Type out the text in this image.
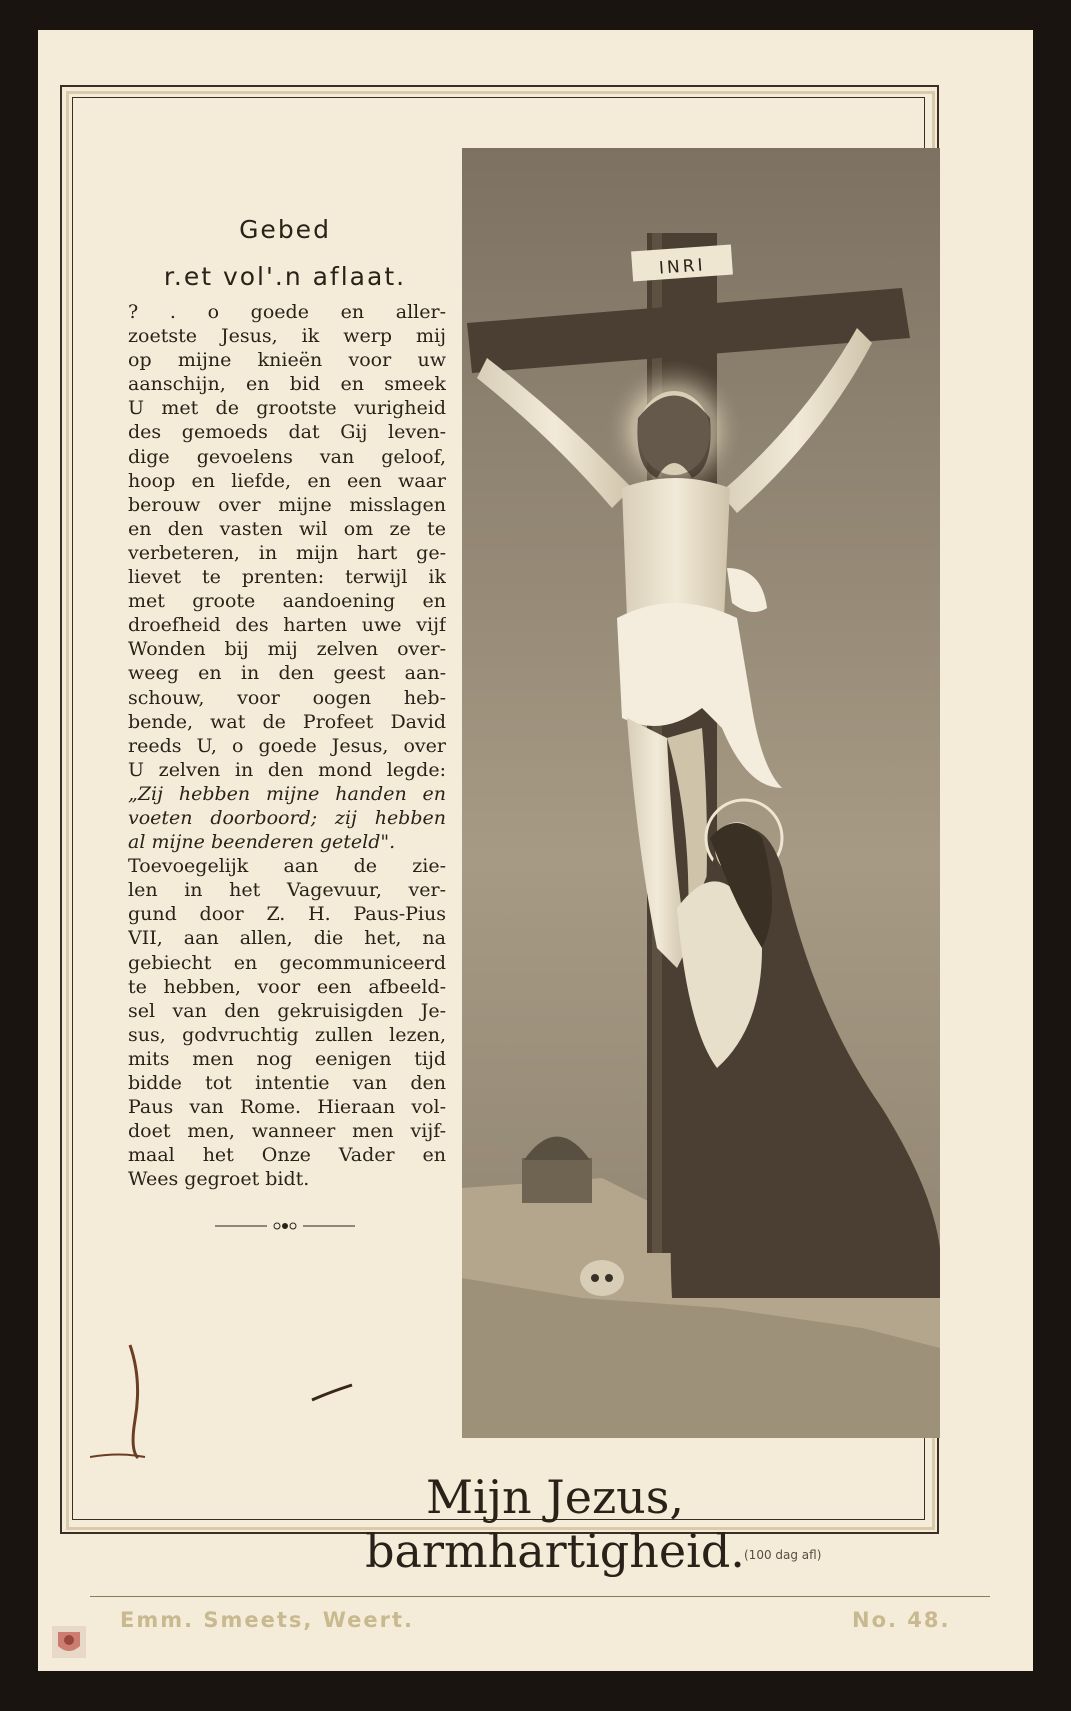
Gebed
r.et vol'.n aflaat.
? . o goede en aller-
zoetste Jesus, ik werp mij
op mijne knieën voor uw
aanschijn, en bid en smeek
U met de grootste vurigheid
des gemoeds dat Gij leven-
dige gevoelens van geloof,
hoop en liefde, en een waar
berouw over mijne misslagen
en den vasten wil om ze te
verbeteren, in mijn hart ge-
lievet te prenten: terwijl ik
met groote aandoening en
droefheid des harten uwe vijf
Wonden bij mij zelven over-
weeg en in den geest aan-
schouw, voor oogen heb-
bende, wat de Profeet David
reeds U, o goede Jesus, over
U zelven in den mond legde:
„Zij hebben mijne handen en
voeten doorboord; zij hebben
al mijne beenderen geteld".
Toevoegelijk aan de zie-
len in het Vagevuur, ver-
gund door Z. H. Paus-Pius
VII, aan allen, die het, na
gebiecht en gecommuniceerd
te hebben, voor een afbeeld-
sel van den gekruisigden Je-
sus, godvruchtig zullen lezen,
mits men nog eenigen tijd
bidde tot intentie van den
Paus van Rome. Hieraan vol-
doet men, wanneer men vijf-
maal het Onze Vader en
Wees gegroet bidt.
INRI
Mijn Jezus, barmhartigheid. (100 dag afl)
Emm. Smeets, Weert.	No. 48.
